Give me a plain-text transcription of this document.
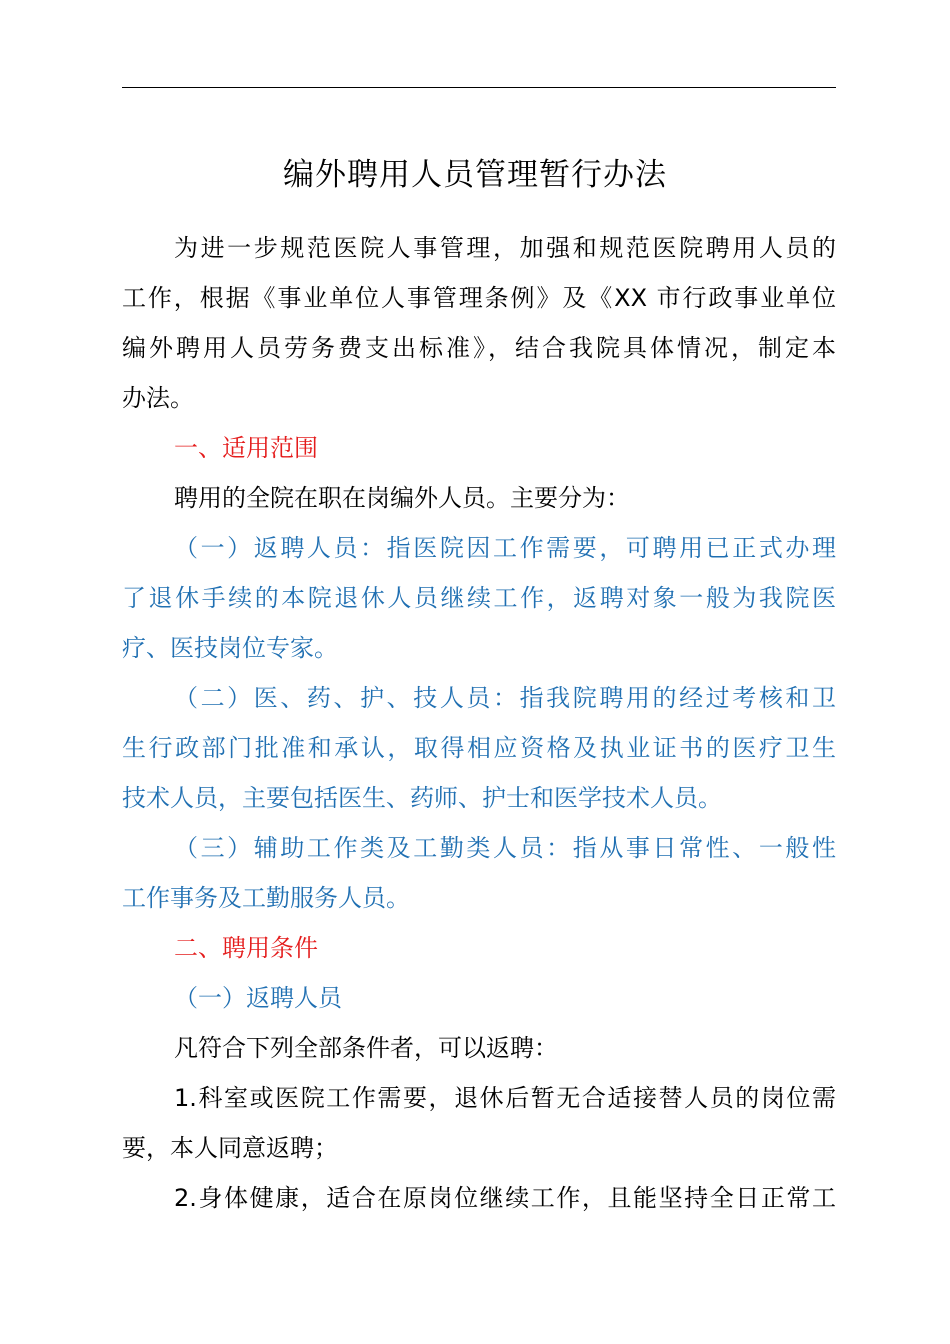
编外聘用人员管理暂行办法
为进一步规范医院人事管理，加强和规范医院聘用人员的
工作，根据《事业单位人事管理条例》及《XX 市行政事业单位
编外聘用人员劳务费支出标准》，结合我院具体情况，制定本
办法。
一、适用范围
聘用的全院在职在岗编外人员。主要分为：
（一）返聘人员：指医院因工作需要，可聘用已正式办理
了退休手续的本院退休人员继续工作，返聘对象一般为我院医
疗、医技岗位专家。
（二）医、药、护、技人员：指我院聘用的经过考核和卫
生行政部门批准和承认，取得相应资格及执业证书的医疗卫生
技术人员，主要包括医生、药师、护士和医学技术人员。
（三）辅助工作类及工勤类人员：指从事日常性、一般性
工作事务及工勤服务人员。
二、聘用条件
（一）返聘人员
凡符合下列全部条件者，可以返聘：
1.科室或医院工作需要，退休后暂无合适接替人员的岗位需
要，本人同意返聘；
2.身体健康，适合在原岗位继续工作，且能坚持全日正常工
